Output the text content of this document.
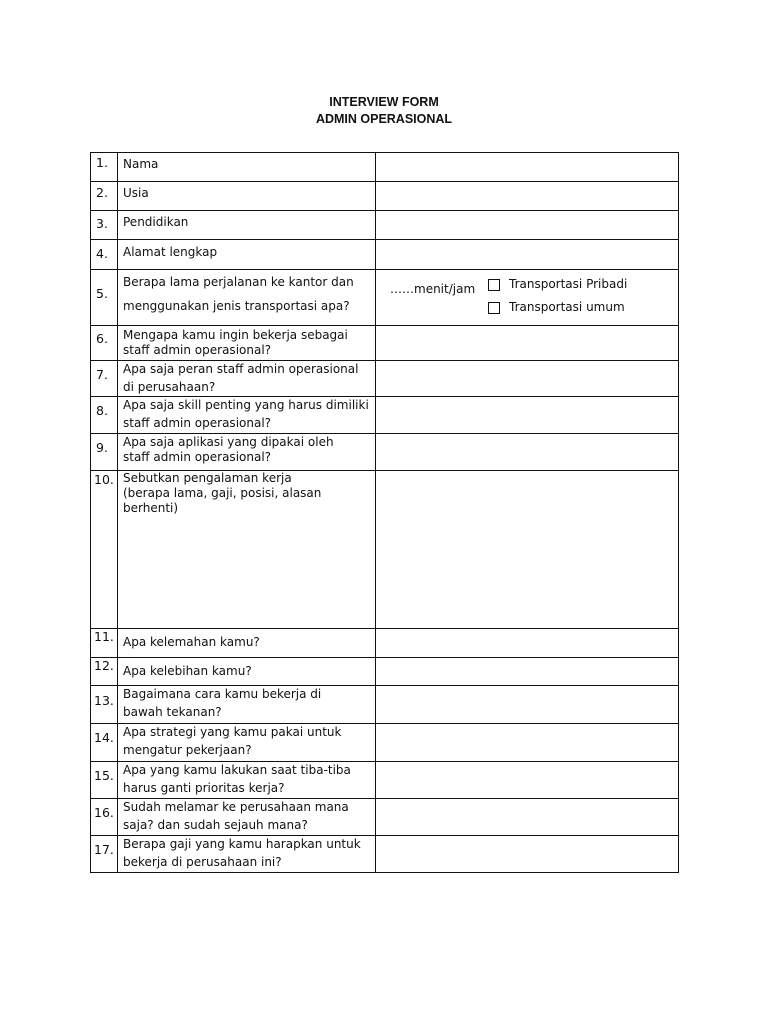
INTERVIEW FORM
ADMIN OPERASIONAL
1.	Nama	

2.	Usia	

3.	Pendidikan	

4.	Alamat lengkap	

5.	Berapa lama perjalanan ke kantor dan
menggunakan jenis transportasi apa?	……menit/jam Transportasi Pribadi
Transportasi umum

6.	Mengapa kamu ingin bekerja sebagai
staff admin operasional?	

7.	Apa saja peran staff admin operasional
di perusahaan?	

8.	Apa saja skill penting yang harus dimiliki
staff admin operasional?	

9.	Apa saja aplikasi yang dipakai oleh
staff admin operasional?	

10.	Sebutkan pengalaman kerja
(berapa lama, gaji, posisi, alasan
berhenti)	

11.	Apa kelemahan kamu?	

12.	Apa kelebihan kamu?	

13.	Bagaimana cara kamu bekerja di
bawah tekanan?	

14.	Apa strategi yang kamu pakai untuk
mengatur pekerjaan?	

15.	Apa yang kamu lakukan saat tiba-tiba
harus ganti prioritas kerja?	

16.	Sudah melamar ke perusahaan mana
saja? dan sudah sejauh mana?	

17.	Berapa gaji yang kamu harapkan untuk
bekerja di perusahaan ini?	
